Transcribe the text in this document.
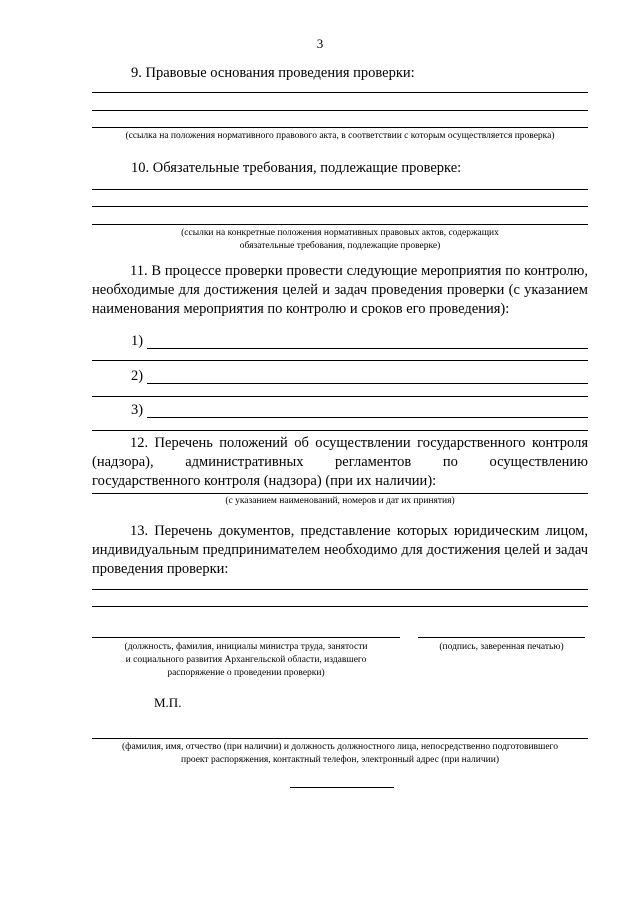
3
9. Правовые основания проведения проверки:
(ссылка на положения нормативного правового акта, в соответствии с которым осуществляется проверка)
10. Обязательные требования, подлежащие проверке:
(ссылки на конкретные положения нормативных правовых актов, содержащих
обязательные требования, подлежащие проверке)
11. В процессе проверки провести следующие мероприятия по контролю, необходимые для достижения целей и задач проведения проверки (с указанием наименования мероприятия по контролю и сроков его проведения):
1)
2)
3)
12. Перечень положений об осуществлении государственного контроля (надзора), административных регламентов по осуществлению государственного контроля (надзора) (при их наличии):
(с указанием наименований, номеров и дат их принятия)
13. Перечень документов, представление которых юридическим лицом, индивидуальным предпринимателем необходимо для достижения целей и задач проведения проверки:
(должность, фамилия, инициалы министра труда, занятости
и социального развития Архангельской области, издавшего
распоряжение о проведении проверки)
(подпись, заверенная печатью)
М.П.
(фамилия, имя, отчество (при наличии) и должность должностного лица, непосредственно подготовившего
проект распоряжения, контактный телефон, электронный адрес (при наличии)
